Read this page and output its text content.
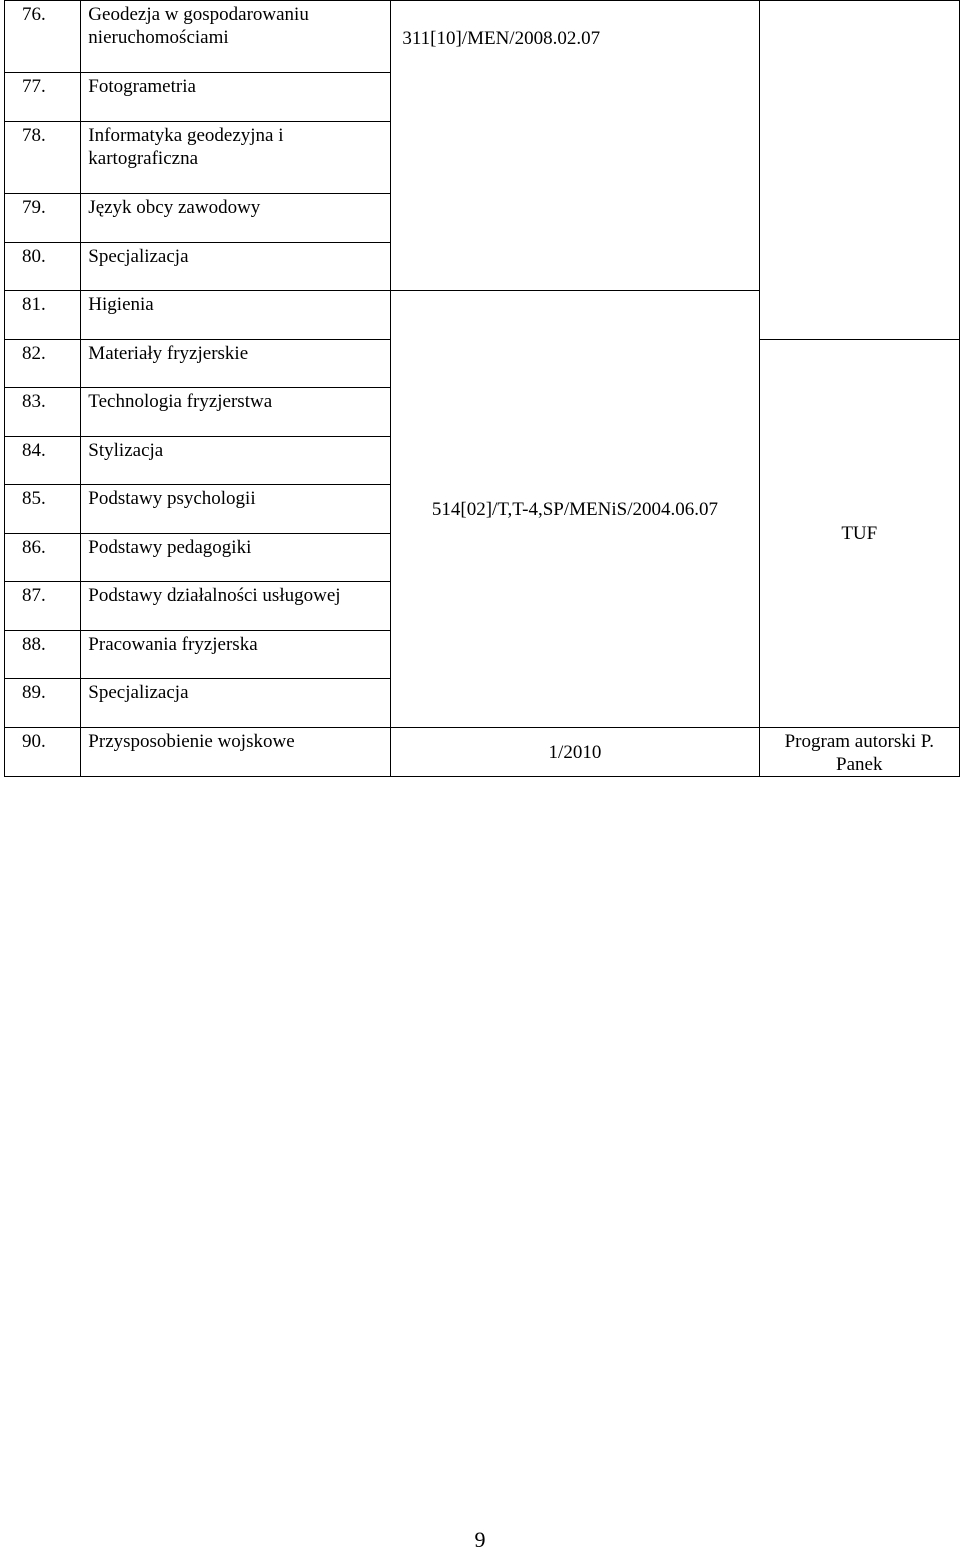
76.	Geodezja w gospodarowaniu nieruchomościami	311[10]/MEN/2008.02.07	
77.	Fotogrametria		
78.	Informatyka geodezyjna i kartograficzna		
79.	Język obcy zawodowy		
80.	Specjalizacja		
81.	Higienia	514[02]/T,T-4,SP/MENiS/2004.06.07	
82.	Materiały fryzjerskie		TUF
83.	Technologia fryzjerstwa		
84.	Stylizacja		
85.	Podstawy psychologii		
86.	Podstawy pedagogiki		
87.	Podstawy działalności usługowej		
88.	Pracowania fryzjerska		
89.	Specjalizacja		
90.	Przysposobienie wojskowe	1/2010	Program autorski P. Panek
9
